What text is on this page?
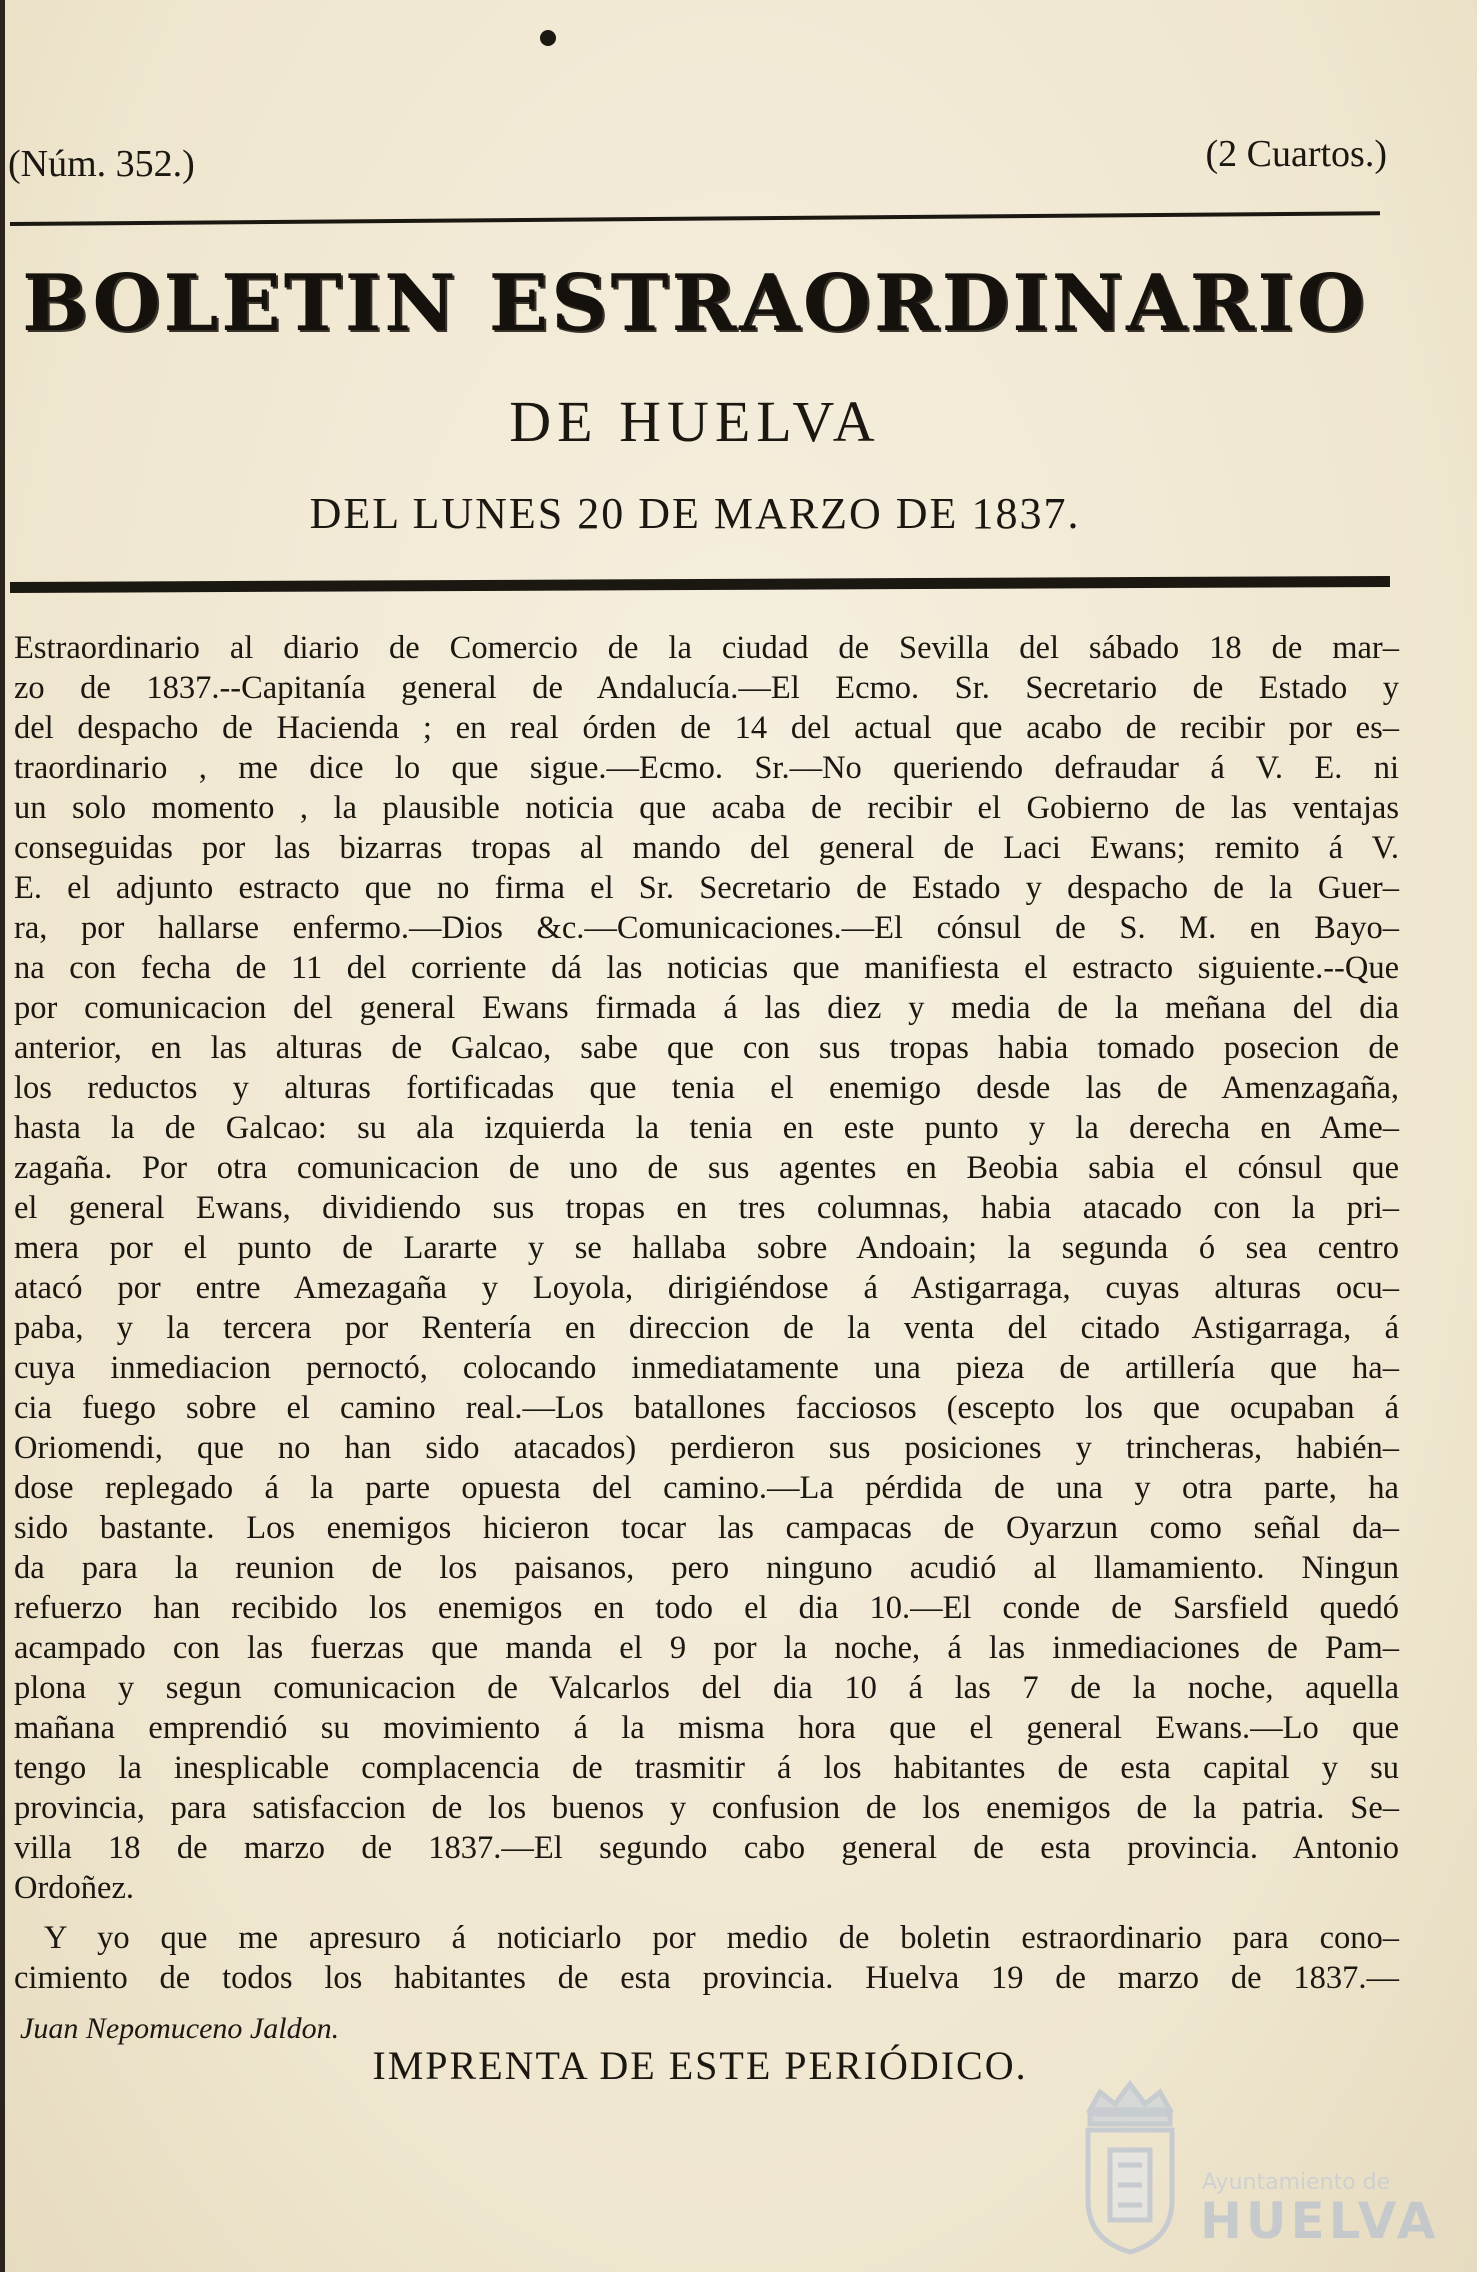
(Núm. 352.)	(2 Cuartos.)
BOLETIN ESTRAORDINARIO
DE HUELVA
DEL LUNES 20 DE MARZO DE 1837.
Estraordinario al diario de Comercio de la ciudad de Sevilla del sábado 18 de mar–
zo de 1837.--Capitanía general de Andalucía.—El Ecmo. Sr. Secretario de Estado y
del despacho de Hacienda ; en real órden de 14 del actual que acabo de recibir por es–
traordinario , me dice lo que sigue.—Ecmo. Sr.—No queriendo defraudar á V. E. ni
un solo momento , la plausible noticia que acaba de recibir el Gobierno de las ventajas
conseguidas por las bizarras tropas al mando del general de Laci Ewans; remito á V.
E. el adjunto estracto que no firma el Sr. Secretario de Estado y despacho de la Guer–
ra, por hallarse enfermo.—Dios &c.—Comunicaciones.—El cónsul de S. M. en Bayo–
na con fecha de 11 del corriente dá las noticias que manifiesta el estracto siguiente.--Que
por comunicacion del general Ewans firmada á las diez y media de la meñana del dia
anterior, en las alturas de Galcao, sabe que con sus tropas habia tomado posecion de
los reductos y alturas fortificadas que tenia el enemigo desde las de Amenzagaña,
hasta la de Galcao: su ala izquierda la tenia en este punto y la derecha en Ame–
zagaña. Por otra comunicacion de uno de sus agentes en Beobia sabia el cónsul que
el general Ewans, dividiendo sus tropas en tres columnas, habia atacado con la pri–
mera por el punto de Lararte y se hallaba sobre Andoain; la segunda ó sea centro
atacó por entre Amezagaña y Loyola, dirigiéndose á Astigarraga, cuyas alturas ocu–
paba, y la tercera por Rentería en direccion de la venta del citado Astigarraga, á
cuya inmediacion pernoctó, colocando inmediatamente una pieza de artillería que ha–
cia fuego sobre el camino real.—Los batallones facciosos (escepto los que ocupaban á
Oriomendi, que no han sido atacados) perdieron sus posiciones y trincheras, habién–
dose replegado á la parte opuesta del camino.—La pérdida de una y otra parte, ha
sido bastante. Los enemigos hicieron tocar las campacas de Oyarzun como señal da–
da para la reunion de los paisanos, pero ninguno acudió al llamamiento. Ningun
refuerzo han recibido los enemigos en todo el dia 10.—El conde de Sarsfield quedó
acampado con las fuerzas que manda el 9 por la noche, á las inmediaciones de Pam–
plona y segun comunicacion de Valcarlos del dia 10 á las 7 de la noche, aquella
mañana emprendió su movimiento á la misma hora que el general Ewans.—Lo que
tengo la inesplicable complacencia de trasmitir á los habitantes de esta capital y su
provincia, para satisfaccion de los buenos y confusion de los enemigos de la patria. Se–
villa 18 de marzo de 1837.—El segundo cabo general de esta provincia. Antonio
Ordoñez.
Y yo que me apresuro á noticiarlo por medio de boletin estraordinario para cono–
cimiento de todos los habitantes de esta provincia. Huelva 19 de marzo de 1837.—
Juan Nepomuceno Jaldon.
IMPRENTA DE ESTE PERIÓDICO.
Ayuntamiento de
HUELVA
